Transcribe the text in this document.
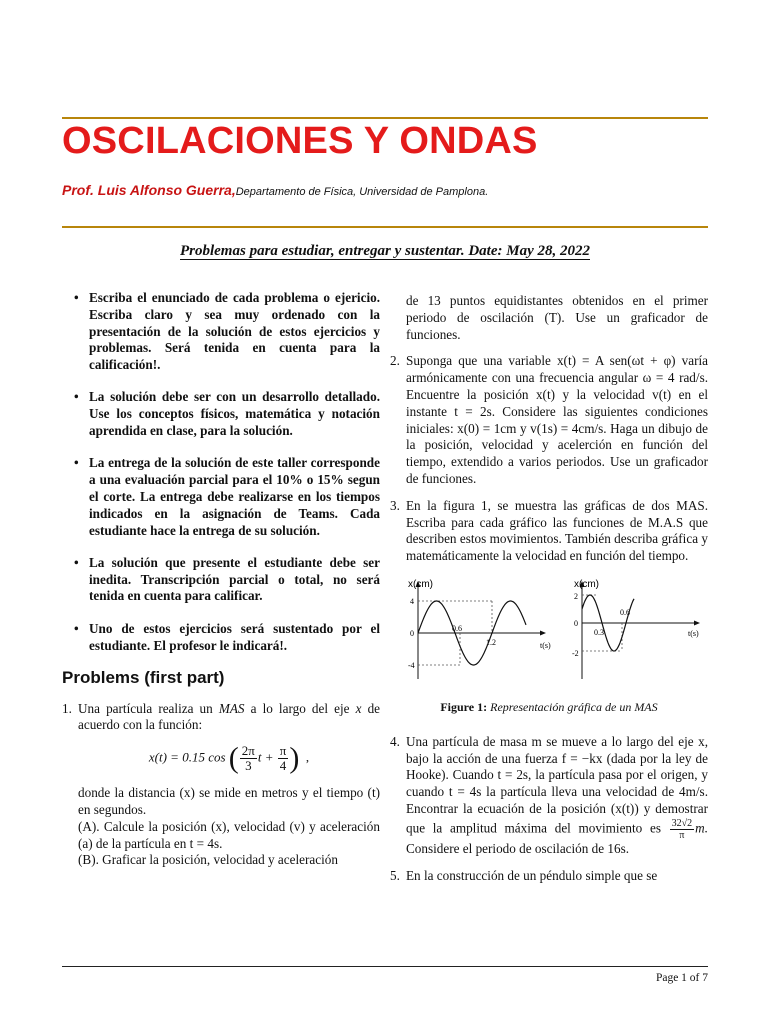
OSCILACIONES Y ONDAS
Prof. Luis Alfonso Guerra,Departamento de Física, Universidad de Pamplona.
Problemas para estudiar, entregar y sustentar. Date: May 28, 2022
• Escriba el enunciado de cada problema o ejericio. Escriba claro y sea muy ordenado con la presentación de la solución de estos ejercicios y problemas. Será tenida en cuenta para la calificación!.
• La solución debe ser con un desarrollo detallado. Use los conceptos físicos, matemática y notación aprendida en clase, para la solución.
• La entrega de la solución de este taller corresponde a una evaluación parcial para el 10% o 15% segun el corte. La entrega debe realizarse en los tiempos indicados en la asignación de Teams. Cada estudiante hace la entrega de su solución.
• La solución que presente el estudiante debe ser inedita. Transcripción parcial o total, no será tenida en cuenta para calificar.
• Uno de estos ejercicios será sustentado por el estudiante. El profesor le indicará!.
Problems (first part)
1. Una partícula realiza un MAS a lo largo del eje x de acuerdo con la función:
x(t) = 0.15 cos ( $\frac{2\pi}{3}$ $t + \frac{\pi}{4}$ ) ,
donde la distancia (x) se mide en metros y el tiempo (t) en segundos.
(A). Calcule la posición (x), velocidad (v) y aceleración (a) de la partícula en t = 4s.
(B). Graficar la posición, velocidad y aceleración
de 13 puntos equidistantes obtenidos en el primer periodo de oscilación (T). Use un graficador de funciones.
2. Suponga que una variable x(t) = A sen(ωt + φ) varía armónicamente con una frecuencia angular ω = 4 rad/s. Encuentre la posición x(t) y la velocidad v(t) en el instante t = 2s. Considere las siguientes condiciones iniciales: x(0) = 1cm y v(1s) = 4cm/s. Haga un dibujo de la posición, velocidad y acelerción en función del tiempo, extendido a varios periodos. Use un graficador de funciones.
3. En la figura 1, se muestra las gráficas de dos MAS. Escriba para cada gráfico las funciones de M.A.S que describen estos movimientos. También describa gráfica y matemáticamente la velocidad en función del tiempo.
x(cm)
t(s)
4
0
-4
0.6
1.2
x(cm)
t(s)
2
0
-2
0.6
0.3
Figure 1: Representación gráfica de un MAS
4. Una partícula de masa m se mueve a lo largo del eje x, bajo la acción de una fuerza f = −kx (dada por la ley de Hooke). Cuando t = 2s, la partícula pasa por el origen, y cuando t = 4s la partícula lleva una velocidad de 4m/s. Encontrar la ecuación de la posición (x(t)) y demostrar que la amplitud máxima del movimiento es $\frac{32√2}{\pi} m$. Considere el periodo de oscilación de 16s.
5. En la construcción de un péndulo simple que se
Page 1 of 7
